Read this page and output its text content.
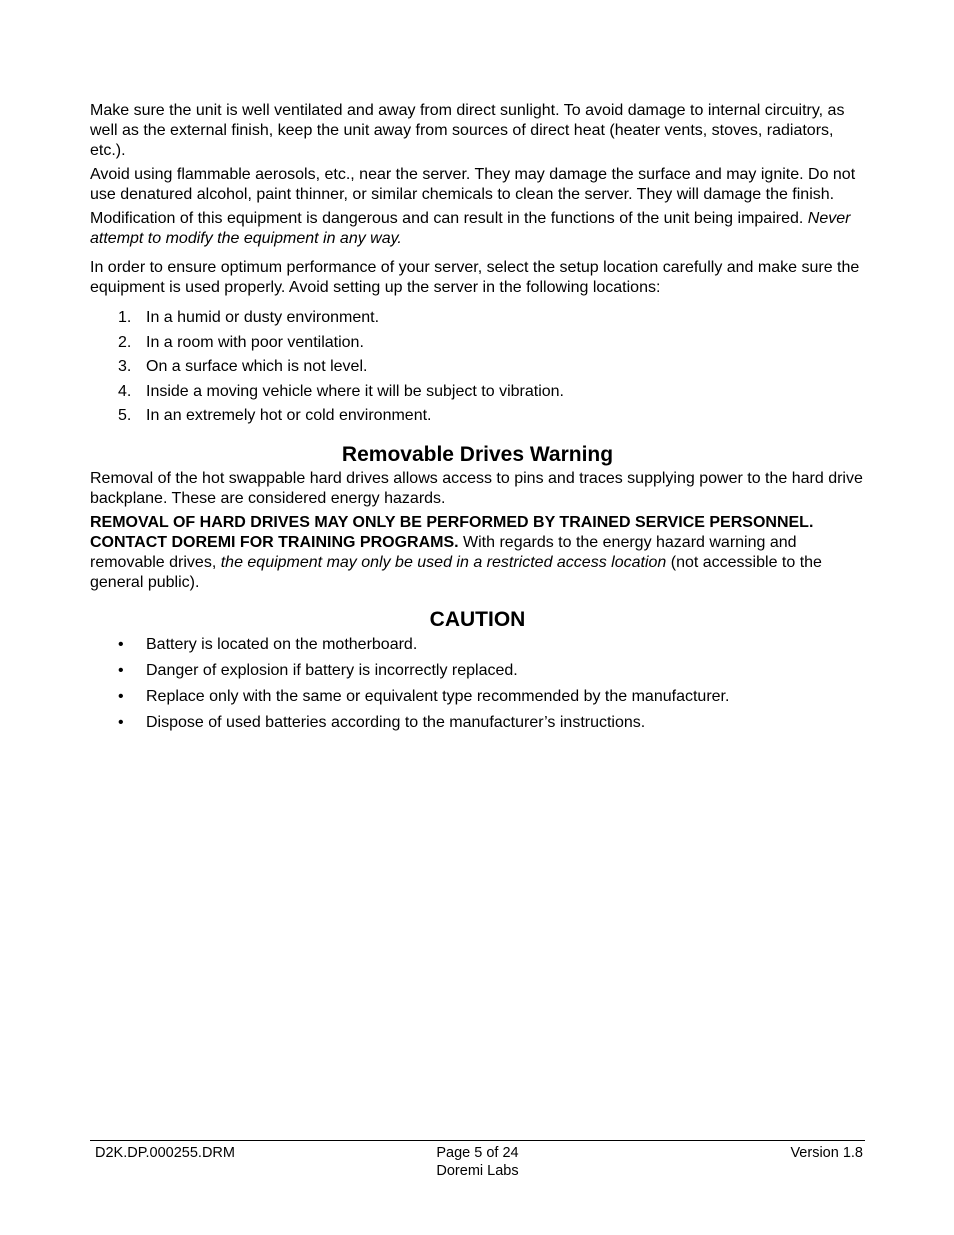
Make sure the unit is well ventilated and away from direct sunlight. To avoid damage to internal circuitry, as well as the external finish, keep the unit away from sources of direct heat (heater vents, stoves, radiators, etc.).

Avoid using flammable aerosols, etc., near the server. They may damage the surface and may ignite. Do not use denatured alcohol, paint thinner, or similar chemicals to clean the server. They will damage the finish.

Modification of this equipment is dangerous and can result in the functions of the unit being impaired. Never attempt to modify the equipment in any way.

In order to ensure optimum performance of your server, select the setup location carefully and make sure the equipment is used properly. Avoid setting up the server in the following locations:

1. In a humid or dusty environment.
2. In a room with poor ventilation.
3. On a surface which is not level.
4. Inside a moving vehicle where it will be subject to vibration.
5. In an extremely hot or cold environment.
Removable Drives Warning

Removal of the hot swappable hard drives allows access to pins and traces supplying power to the hard drive backplane. These are considered energy hazards.

REMOVAL OF HARD DRIVES MAY ONLY BE PERFORMED BY TRAINED SERVICE PERSONNEL. CONTACT DOREMI FOR TRAINING PROGRAMS. With regards to the energy hazard warning and removable drives, the equipment may only be used in a restricted access location (not accessible to the general public).

CAUTION
• Battery is located on the motherboard.
• Danger of explosion if battery is incorrectly replaced.
• Replace only with the same or equivalent type recommended by the manufacturer.
• Dispose of used batteries according to the manufacturer’s instructions.
D2K.DP.000255.DRM	Page 5 of 24
Doremi Labs
Version 1.8
